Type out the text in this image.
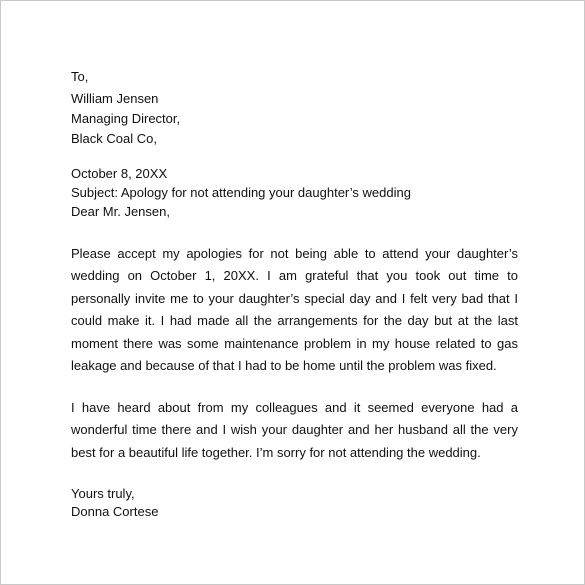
To,
William Jensen
Managing Director,
Black Coal Co,
October 8, 20XX
Subject: Apology for not attending your daughter’s wedding
Dear Mr. Jensen,
Please accept my apologies for not being able to attend your daughter’s wedding on October 1, 20XX. I am grateful that you took out time to personally invite me to your daughter’s special day and I felt very bad that I could make it. I had made all the arrangements for the day but at the last moment there was some maintenance problem in my house related to gas leakage and because of that I had to be home until the problem was fixed.
I have heard about from my colleagues and it seemed everyone had a wonderful time there and I wish your daughter and her husband all the very best for a beautiful life together. I’m sorry for not attending the wedding.
Yours truly,
Donna Cortese
